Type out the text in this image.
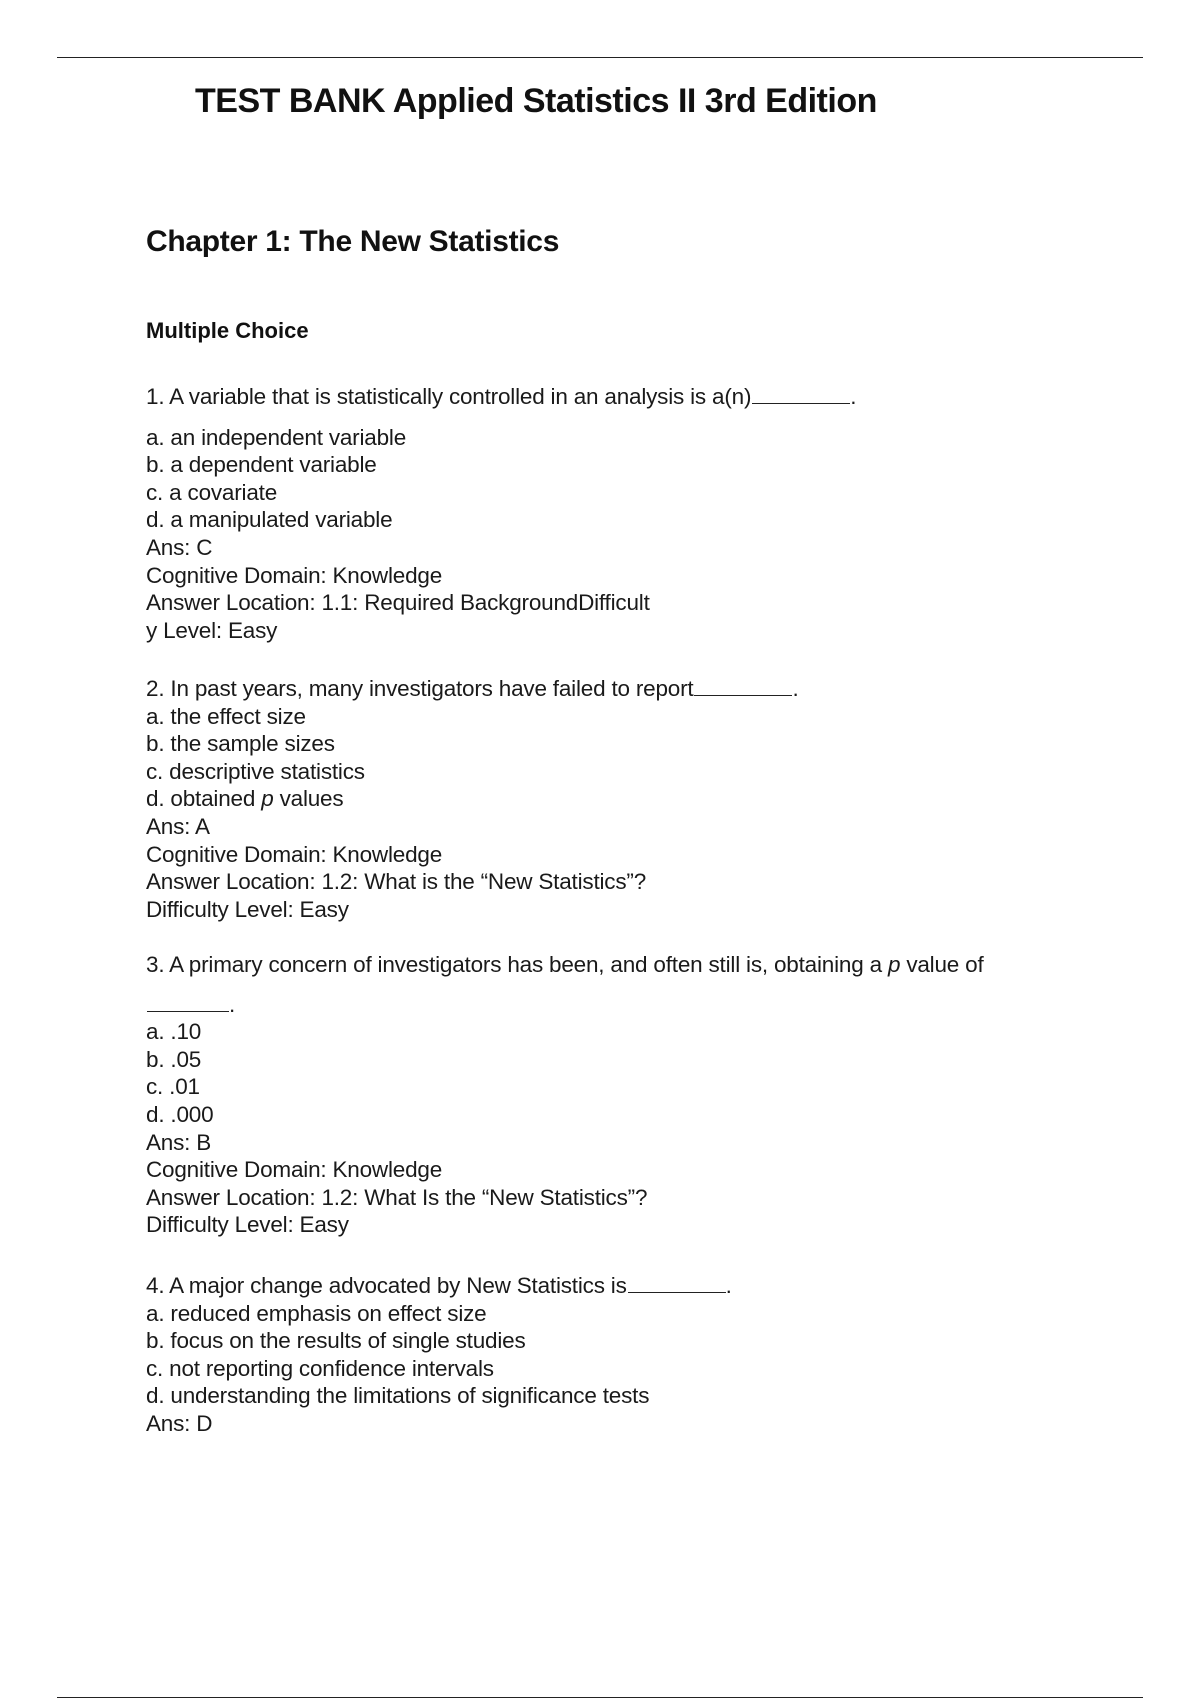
TEST BANK Applied Statistics II 3rd Edition
Chapter 1: The New Statistics
Multiple Choice
1. A variable that is statistically controlled in an analysis is a(n)	.
a. an independent variable
b. a dependent variable
c. a covariate
d. a manipulated variable
Ans: C
Cognitive Domain: Knowledge
Answer Location: 1.1: Required BackgroundDifficult
y Level: Easy
2. In past years, many investigators have failed to report	.
a. the effect size
b. the sample sizes
c. descriptive statistics
d. obtained p values
Ans: A
Cognitive Domain: Knowledge
Answer Location: 1.2: What is the “New Statistics”?
Difficulty Level: Easy
3. A primary concern of investigators has been, and often still is, obtaining a p value of
.
a. .10
b. .05
c. .01
d. .000
Ans: B
Cognitive Domain: Knowledge
Answer Location: 1.2: What Is the “New Statistics”?
Difficulty Level: Easy
4. A major change advocated by New Statistics is	.
a. reduced emphasis on effect size
b. focus on the results of single studies
c. not reporting confidence intervals
d. understanding the limitations of significance tests
Ans: D
